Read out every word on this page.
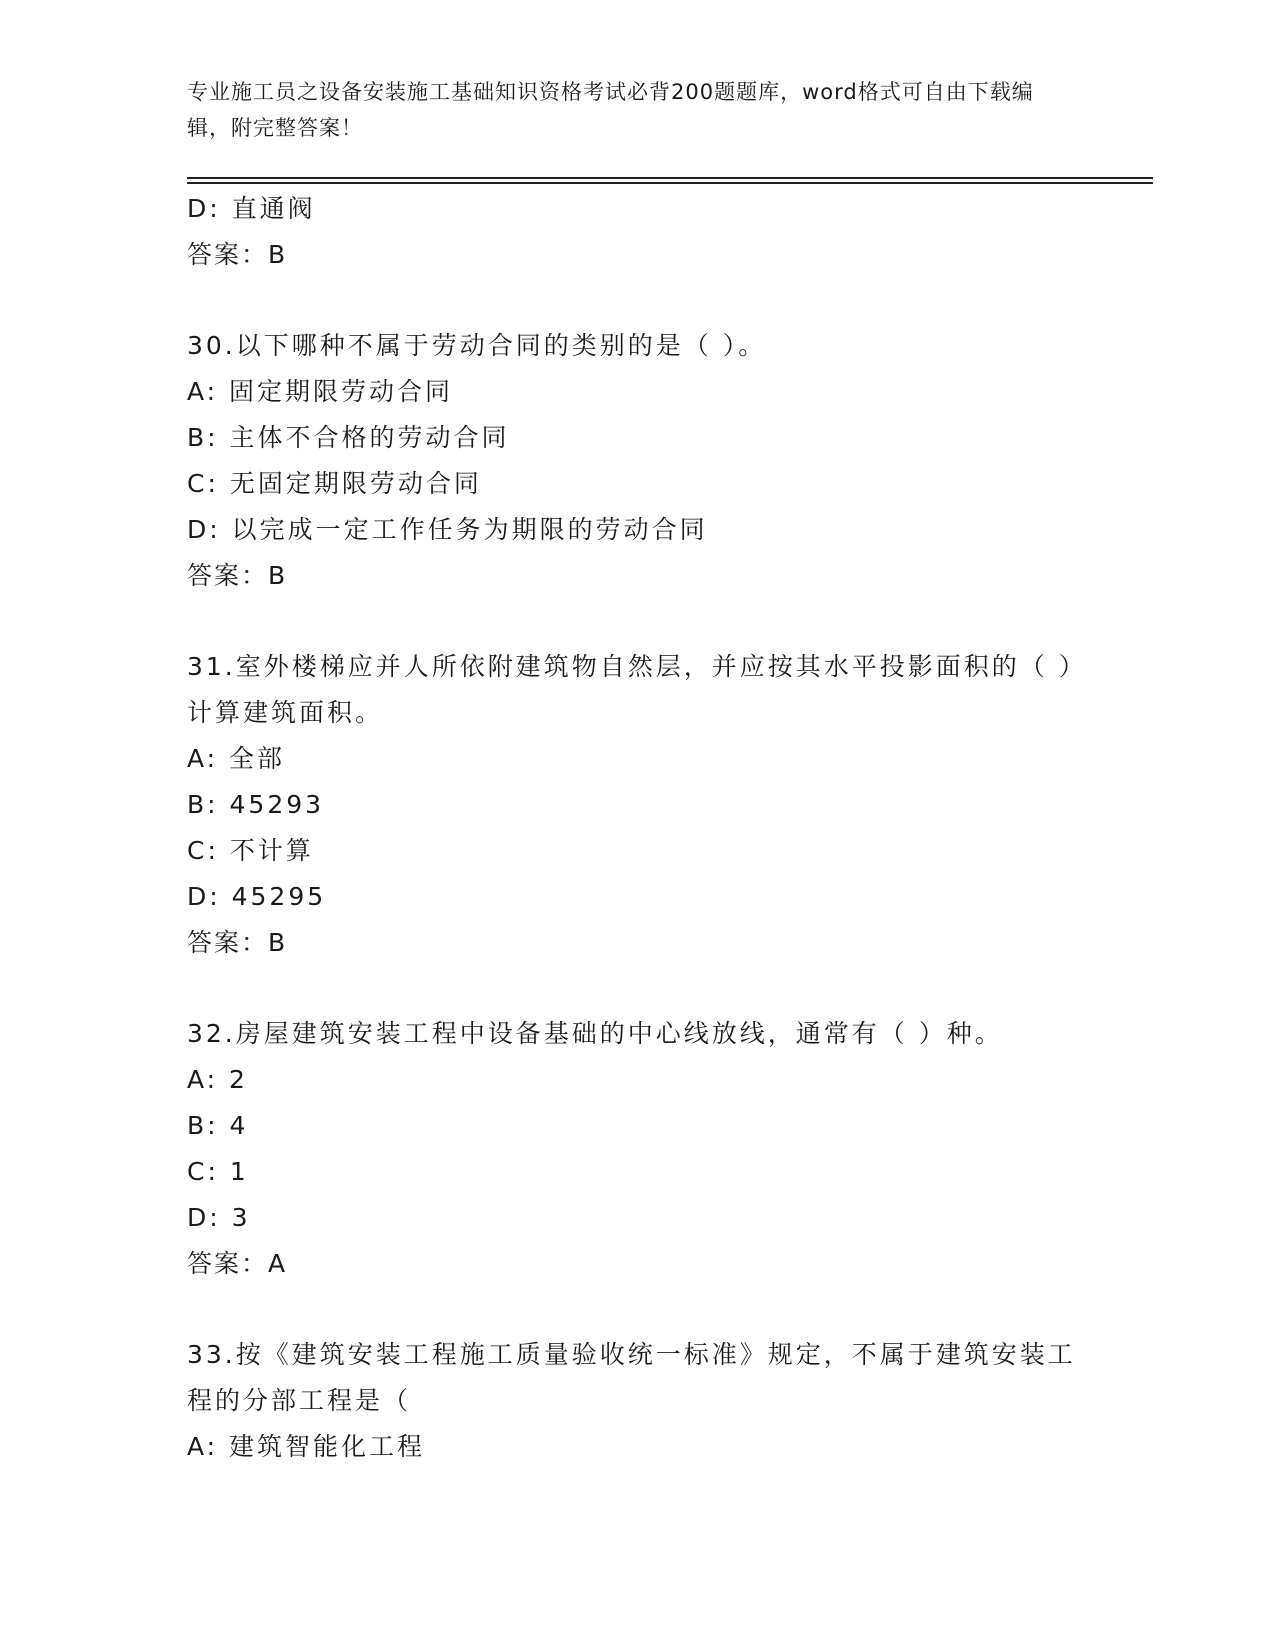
专业施工员之设备安装施工基础知识资格考试必背200题题库，word格式可自由下载编辑，附完整答案！
D: 直通阀
答案：B
30.以下哪种不属于劳动合同的类别的是（ ）。
A: 固定期限劳动合同
B: 主体不合格的劳动合同
C: 无固定期限劳动合同
D: 以完成一定工作任务为期限的劳动合同
答案：B
31.室外楼梯应并人所依附建筑物自然层，并应按其水平投影面积的（ ）计算建筑面积。
A: 全部
B: 45293
C: 不计算
D: 45295
答案：B
32.房屋建筑安装工程中设备基础的中心线放线，通常有（ ）种。
A: 2
B: 4
C: 1
D: 3
答案：A
33.按《建筑安装工程施工质量验收统一标准》规定，不属于建筑安装工程的分部工程是（
A: 建筑智能化工程
